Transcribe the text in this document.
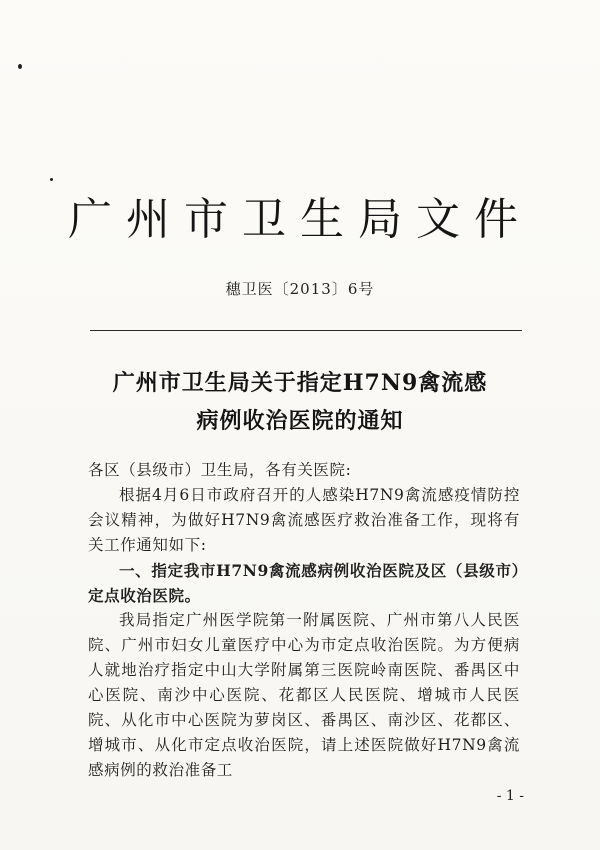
广州市卫生局文件
穗卫医〔2013〕6号
广州市卫生局关于指定H7N9禽流感
病例收治医院的通知

各区（县级市）卫生局，各有关医院:

根据4月6日市政府召开的人感染H7N9禽流感疫情防控会议精神，为做好H7N9禽流感医疗救治准备工作，现将有关工作通知如下:

一、指定我市H7N9禽流感病例收治医院及区（县级市）定点收治医院。

我局指定广州医学院第一附属医院、广州市第八人民医院、广州市妇女儿童医疗中心为市定点收治医院。为方便病人就地治疗指定中山大学附属第三医院岭南医院、番禺区中心医院、南沙中心医院、花都区人民医院、增城市人民医院、从化市中心医院为萝岗区、番禺区、南沙区、花都区、增城市、从化市定点收治医院，请上述医院做好H7N9禽流感病例的救治准备工

- 1 -
